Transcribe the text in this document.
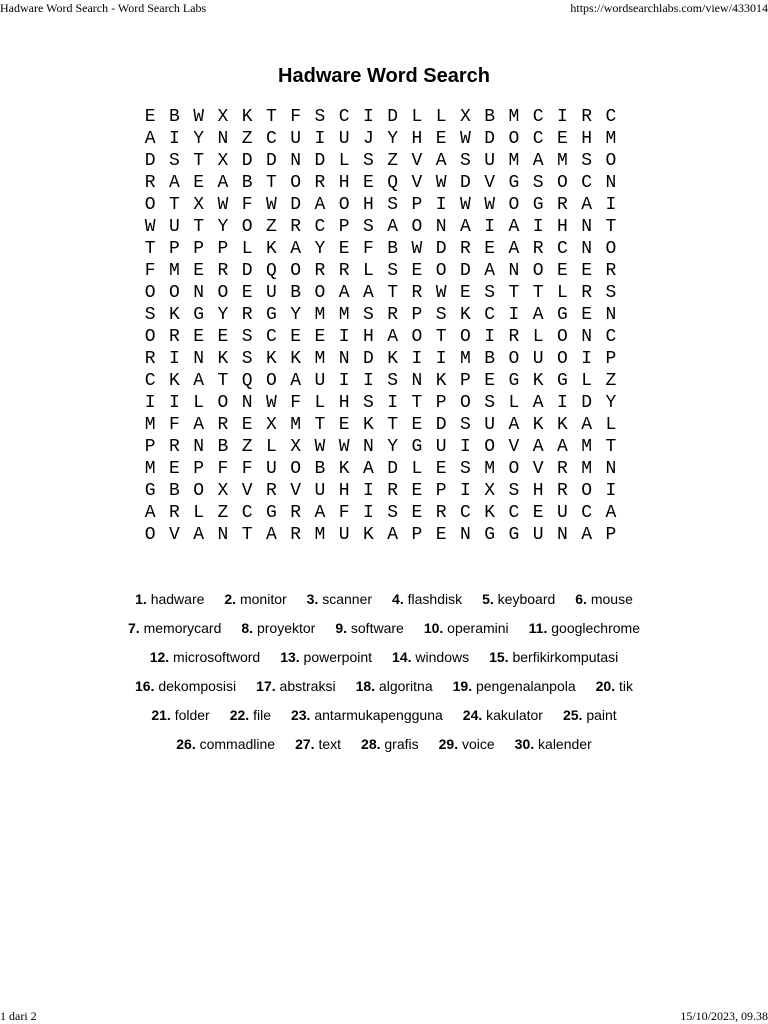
Hadware Word Search - Word Search Labs	https://wordsearchlabs.com/view/433014
Hadware Word Search
E B W X K T F S C I D L L X B M C I R C
A I Y N Z C U I U J Y H E W D O C E H M
D S T X D D N D L S Z V A S U M A M S O
R A E A B T O R H E Q V W D V G S O C N
O T X W F W D A O H S P I W W O G R A I
W U T Y O Z R C P S A O N A I A I H N T
T P P P L K A Y E F B W D R E A R C N O
F M E R D Q O R R L S E O D A N O E E R
O O N O E U B O A A T R W E S T T L R S
S K G Y R G Y M M S R P S K C I A G E N
O R E E S C E E I H A O T O I R L O N C
R I N K S K K M N D K I I M B O U O I P
C K A T Q O A U I I S N K P E G K G L Z
I I L O N W F L H S I T P O S L A I D Y
M F A R E X M T E K T E D S U A K K A L
P R N B Z L X W W N Y G U I O V A A M T
M E P F F U O B K A D L E S M O V R M N
G B O X V R V U H I R E P I X S H R O I
A R L Z C G R A F I S E R C K C E U C A
O V A N T A R M U K A P E N G G U N A P
1. hadware 2. monitor 3. scanner 4. flashdisk 5. keyboard 6. mouse
7. memorycard 8. proyektor 9. software 10. operamini 11. googlechrome
12. microsoftword 13. powerpoint 14. windows 15. berfikirkomputasi
16. dekomposisi 17. abstraksi 18. algoritna 19. pengenalanpola 20. tik
21. folder 22. file 23. antarmukapengguna 24. kakulator 25. paint
26. commadline 27. text 28. grafis 29. voice 30. kalender
1 dari 2	15/10/2023, 09.38
